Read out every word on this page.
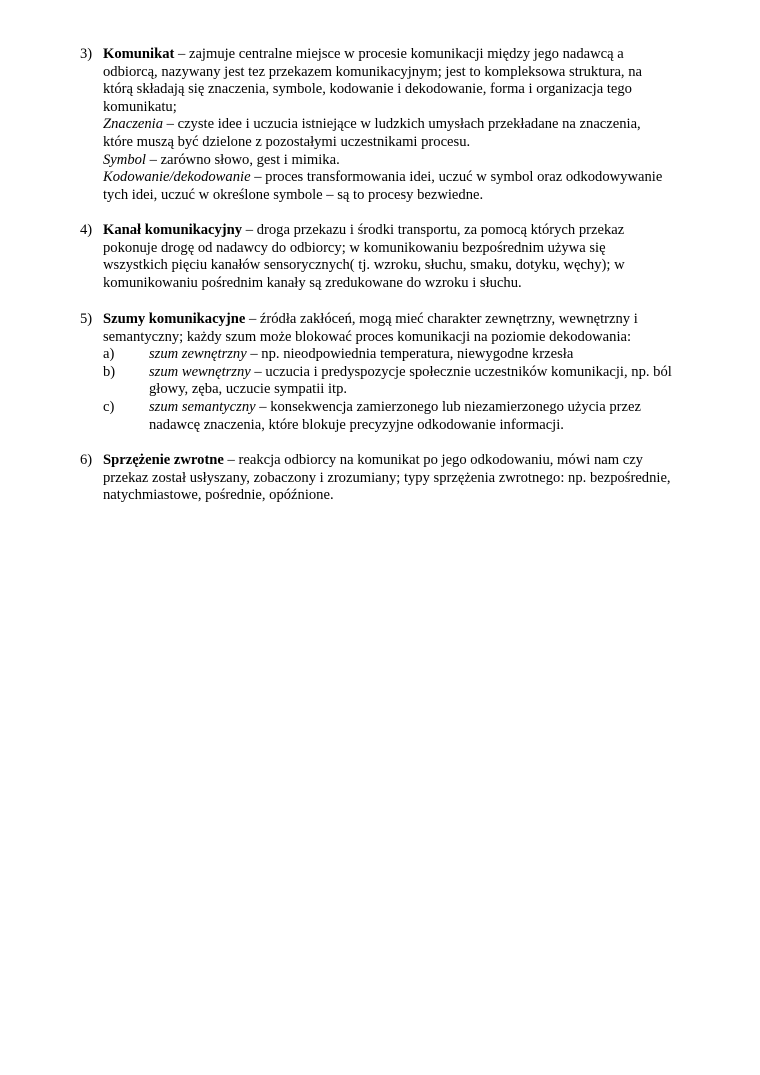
3) Komunikat – zajmuje centralne miejsce w procesie komunikacji między jego nadawcą a
odbiorcą, nazywany jest tez przekazem komunikacyjnym; jest to kompleksowa struktura, na
którą składają się znaczenia, symbole, kodowanie i dekodowanie, forma i organizacja tego
komunikatu;
Znaczenia – czyste idee i uczucia istniejące w ludzkich umysłach przekładane na znaczenia,
które muszą być dzielone z pozostałymi uczestnikami procesu.
Symbol – zarówno słowo, gest i mimika.
Kodowanie/dekodowanie – proces transformowania idei, uczuć w symbol oraz odkodowywanie
tych idei, uczuć w określone symbole – są to procesy bezwiedne.
4) Kanał komunikacyjny – droga przekazu i środki transportu, za pomocą których przekaz
pokonuje drogę od nadawcy do odbiorcy; w komunikowaniu bezpośrednim używa się
wszystkich pięciu kanałów sensorycznych( tj. wzroku, słuchu, smaku, dotyku, węchy); w
komunikowaniu pośrednim kanały są zredukowane do wzroku i słuchu.
5) Szumy komunikacyjne – źródła zakłóceń, mogą mieć charakter zewnętrzny, wewnętrzny i
semantyczny; każdy szum może blokować proces komunikacji na poziomie dekodowania:
a) szum zewnętrzny – np. nieodpowiednia temperatura, niewygodne krzesła
b) szum wewnętrzny – uczucia i predyspozycje społecznie uczestników komunikacji, np. ból
głowy, zęba, uczucie sympatii itp.
c) szum semantyczny – konsekwencja zamierzonego lub niezamierzonego użycia przez
nadawcę znaczenia, które blokuje precyzyjne odkodowanie informacji.
6) Sprzężenie zwrotne – reakcja odbiorcy na komunikat po jego odkodowaniu, mówi nam czy
przekaz został usłyszany, zobaczony i zrozumiany; typy sprzężenia zwrotnego: np. bezpośrednie,
natychmiastowe, pośrednie, opóźnione.
